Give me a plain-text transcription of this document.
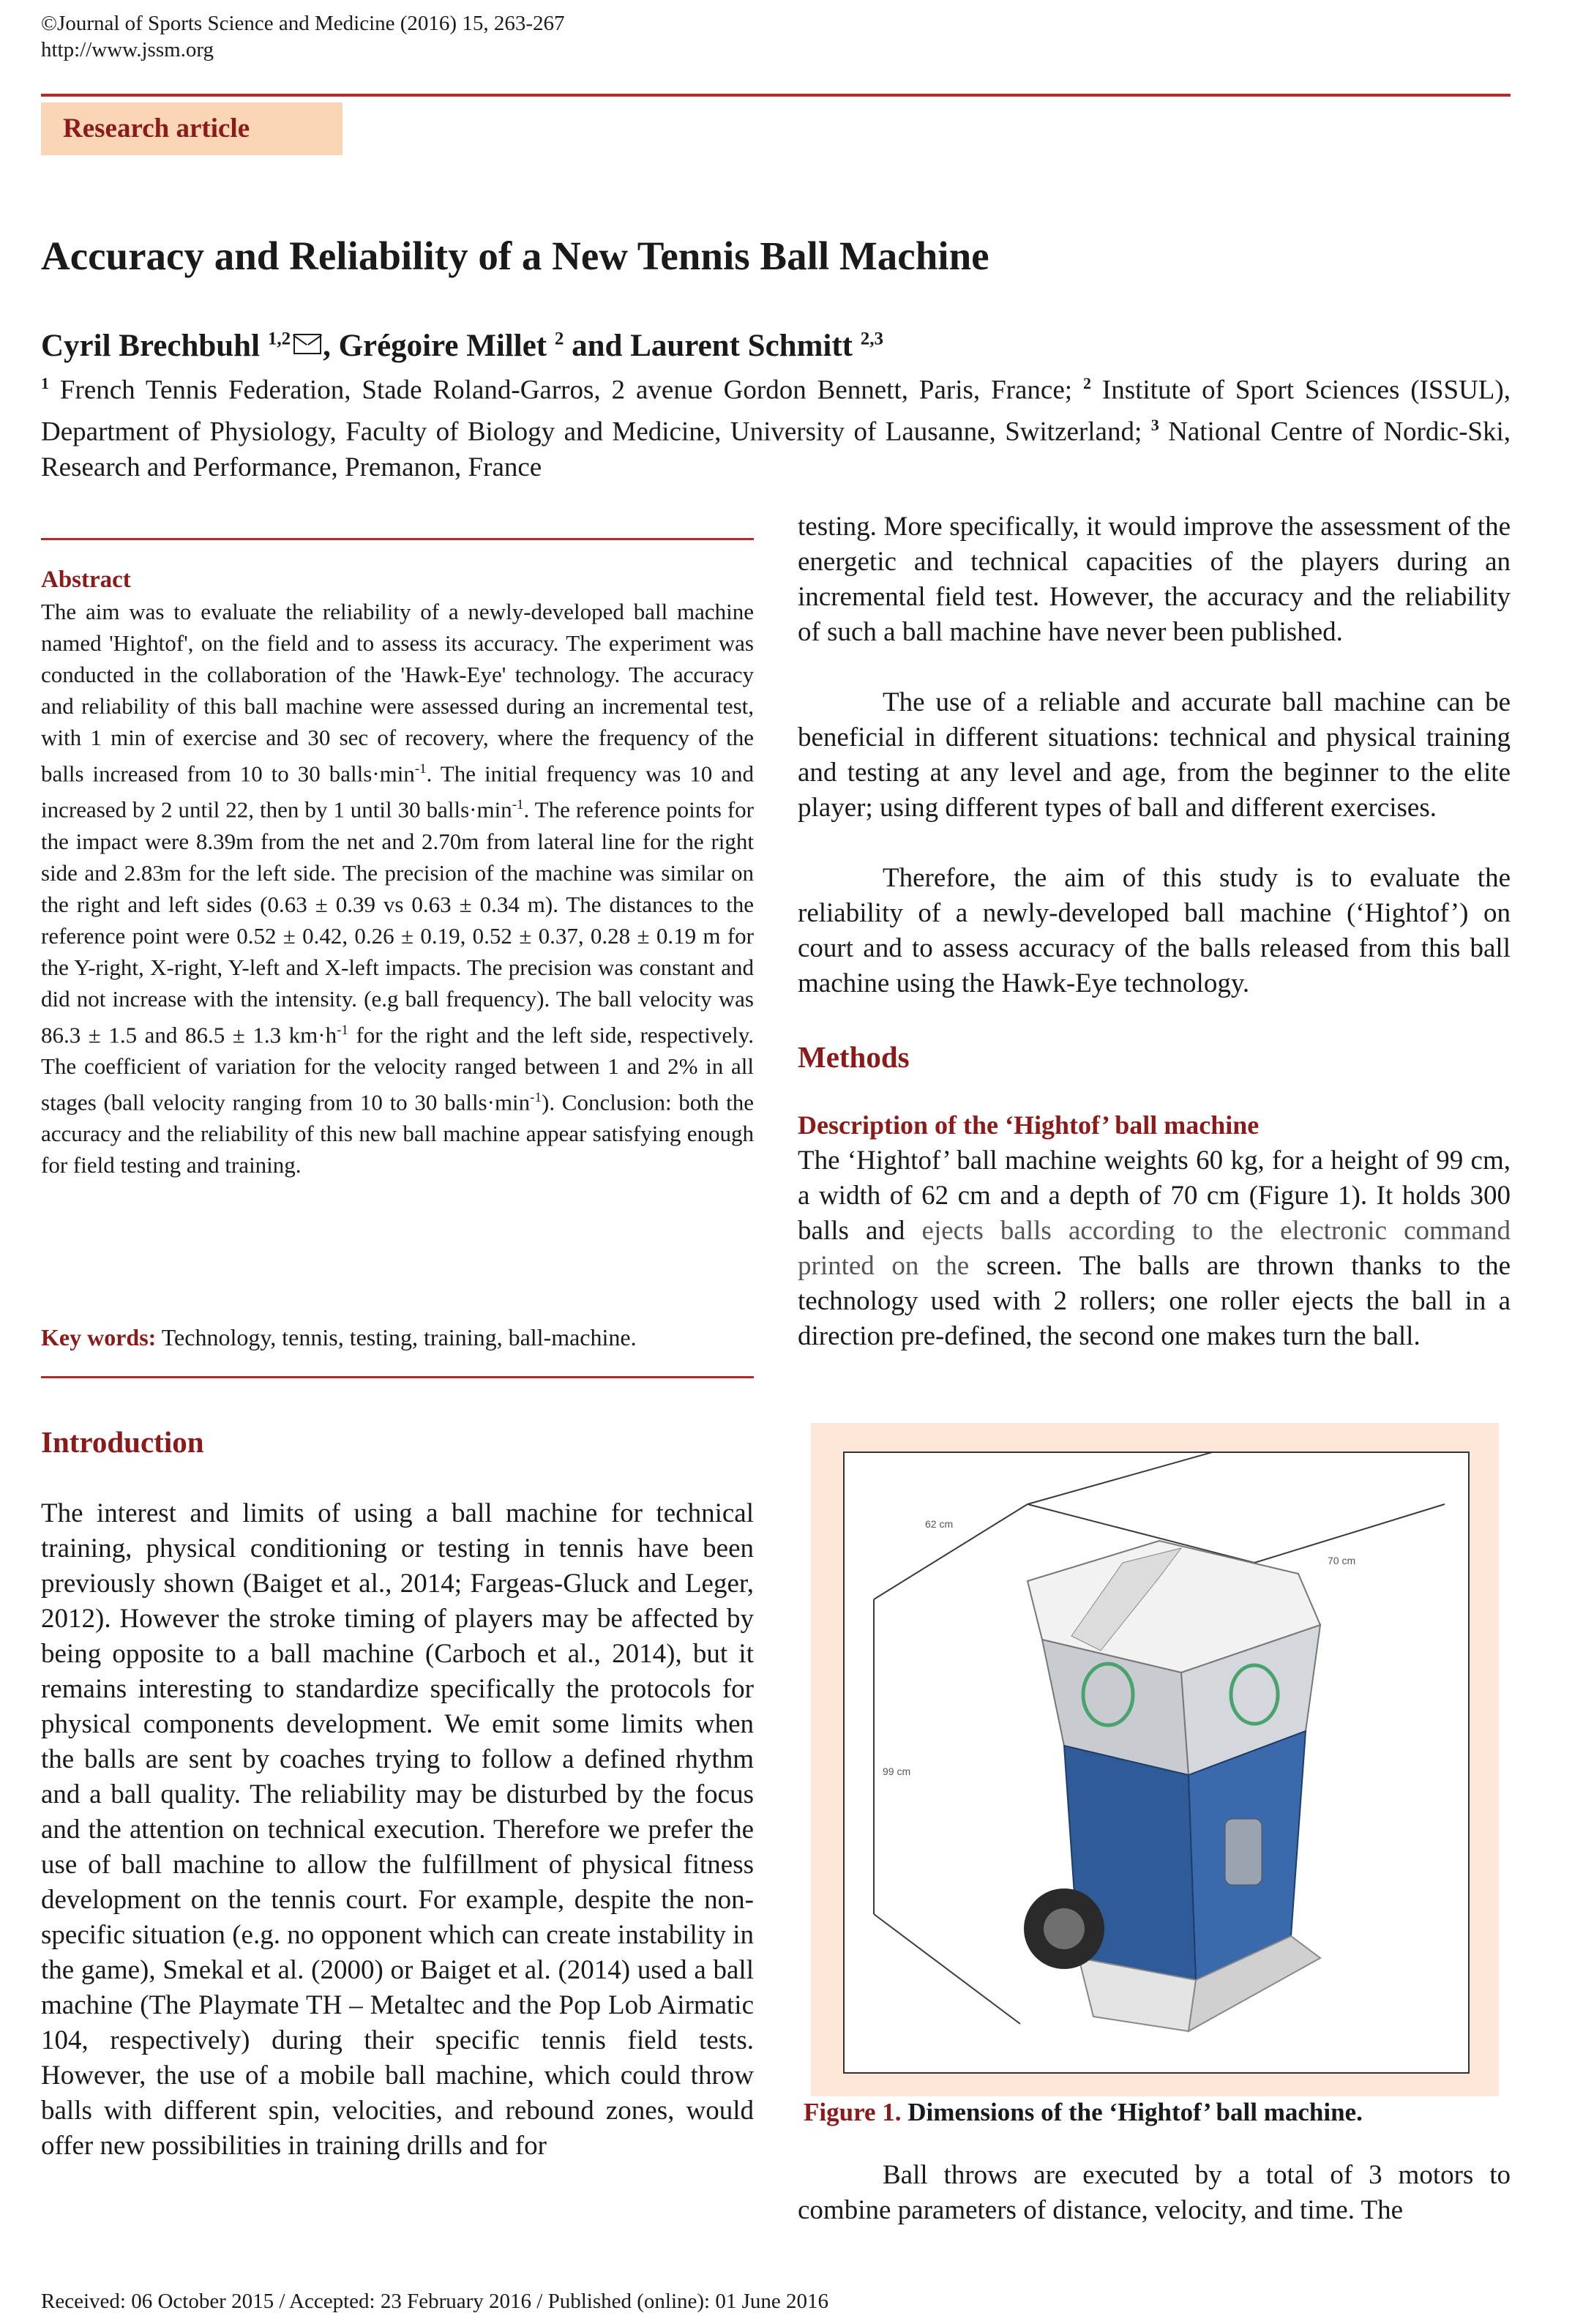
©Journal of Sports Science and Medicine (2016) 15, 263-267
http://www.jssm.org
Research article
Accuracy and Reliability of a New Tennis Ball Machine
Cyril Brechbuhl $^{1,2}$ , Grégoire Millet $^2$ and Laurent Schmitt $^{2,3}$
$^1$ French Tennis Federation, Stade Roland-Garros, 2 avenue Gordon Bennett, Paris, France; $^2$ Institute of Sport Sciences (ISSUL), Department of Physiology, Faculty of Biology and Medicine, University of Lausanne, Switzerland; $^3$ National Centre of Nordic-Ski, Research and Performance, Premanon, France
Abstract
The aim was to evaluate the reliability of a newly-developed ball machine named 'Hightof', on the field and to assess its accuracy. The experiment was conducted in the collaboration of the 'Hawk-Eye' technology. The accuracy and reliability of this ball machine were assessed during an incremental test, with 1 min of exercise and 30 sec of recovery, where the frequency of the balls increased from 10 to 30 $balls\cdot\min^{-1}$. The initial frequency was 10 and increased by 2 until 22, then by 1 until 30 $balls\cdot\min^{-1}$. The reference points for the impact were 8.39m from the net and 2.70m from lateral line for the right side and 2.83m for the left side. The precision of the machine was similar on the right and left sides (0.63 ± 0.39 vs 0.63 ± 0.34 m). The distances to the reference point were 0.52 ± 0.42, 0.26 ± 0.19, 0.52 ± 0.37, 0.28 ± 0.19 m for the Y-right, X-right, Y-left and X-left impacts. The precision was constant and did not increase with the intensity. (e.g ball frequency). The ball velocity was 86.3 ± 1.5 and 86.5 ± 1.3 $km\cdot h^{-1}$ for the right and the left side, respectively. The coefficient of variation for the velocity ranged between 1 and 2% in all stages (ball velocity ranging from 10 to 30 $balls\cdot\min^{-1}$). Conclusion: both the accuracy and the reliability of this new ball machine appear satisfying enough for field testing and training.
Key words: Technology, tennis, testing, training, ball-machine.
Introduction
The interest and limits of using a ball machine for technical training, physical conditioning or testing in tennis have been previously shown (Baiget et al., 2014; Fargeas-Gluck and Leger, 2012). However the stroke timing of players may be affected by being opposite to a ball machine (Carboch et al., 2014), but it remains interesting to standardize specifically the protocols for physical components development. We emit some limits when the balls are sent by coaches trying to follow a defined rhythm and a ball quality. The reliability may be disturbed by the focus and the attention on technical execution. Therefore we prefer the use of ball machine to allow the fulfillment of physical fitness development on the tennis court. For example, despite the non-specific situation (e.g. no opponent which can create instability in the game), Smekal et al. (2000) or Baiget et al. (2014) used a ball machine (The Playmate TH – Metaltec and the Pop Lob Airmatic 104, respectively) during their specific tennis field tests. However, the use of a mobile ball machine, which could throw balls with different spin, velocities, and rebound zones, would offer new possibilities in training drills and for
testing. More specifically, it would improve the assessment of the energetic and technical capacities of the players during an incremental field test. However, the accuracy and the reliability of such a ball machine have never been published.
The use of a reliable and accurate ball machine can be beneficial in different situations: technical and physical training and testing at any level and age, from the beginner to the elite player; using different types of ball and different exercises.
Therefore, the aim of this study is to evaluate the reliability of a newly-developed ball machine (ʻHightof’) on court and to assess accuracy of the balls released from this ball machine using the Hawk-Eye technology.
Methods
Description of the ʻHightof’ ball machine
The ʻHightof’ ball machine weights 60 kg, for a height of 99 cm, a width of 62 cm and a depth of 70 cm (Figure 1). It holds 300 balls and ejects balls according to the electronic command printed on the screen. The balls are thrown thanks to the technology used with 2 rollers; one roller ejects the ball in a direction pre-defined, the second one makes turn the ball.
62 cm
70 cm
99 cm
Figure 1. Dimensions of the ʻHightof’ ball machine.
Ball throws are executed by a total of 3 motors to combine parameters of distance, velocity, and time. The
Received: 06 October 2015 / Accepted: 23 February 2016 / Published (online): 01 June 2016
